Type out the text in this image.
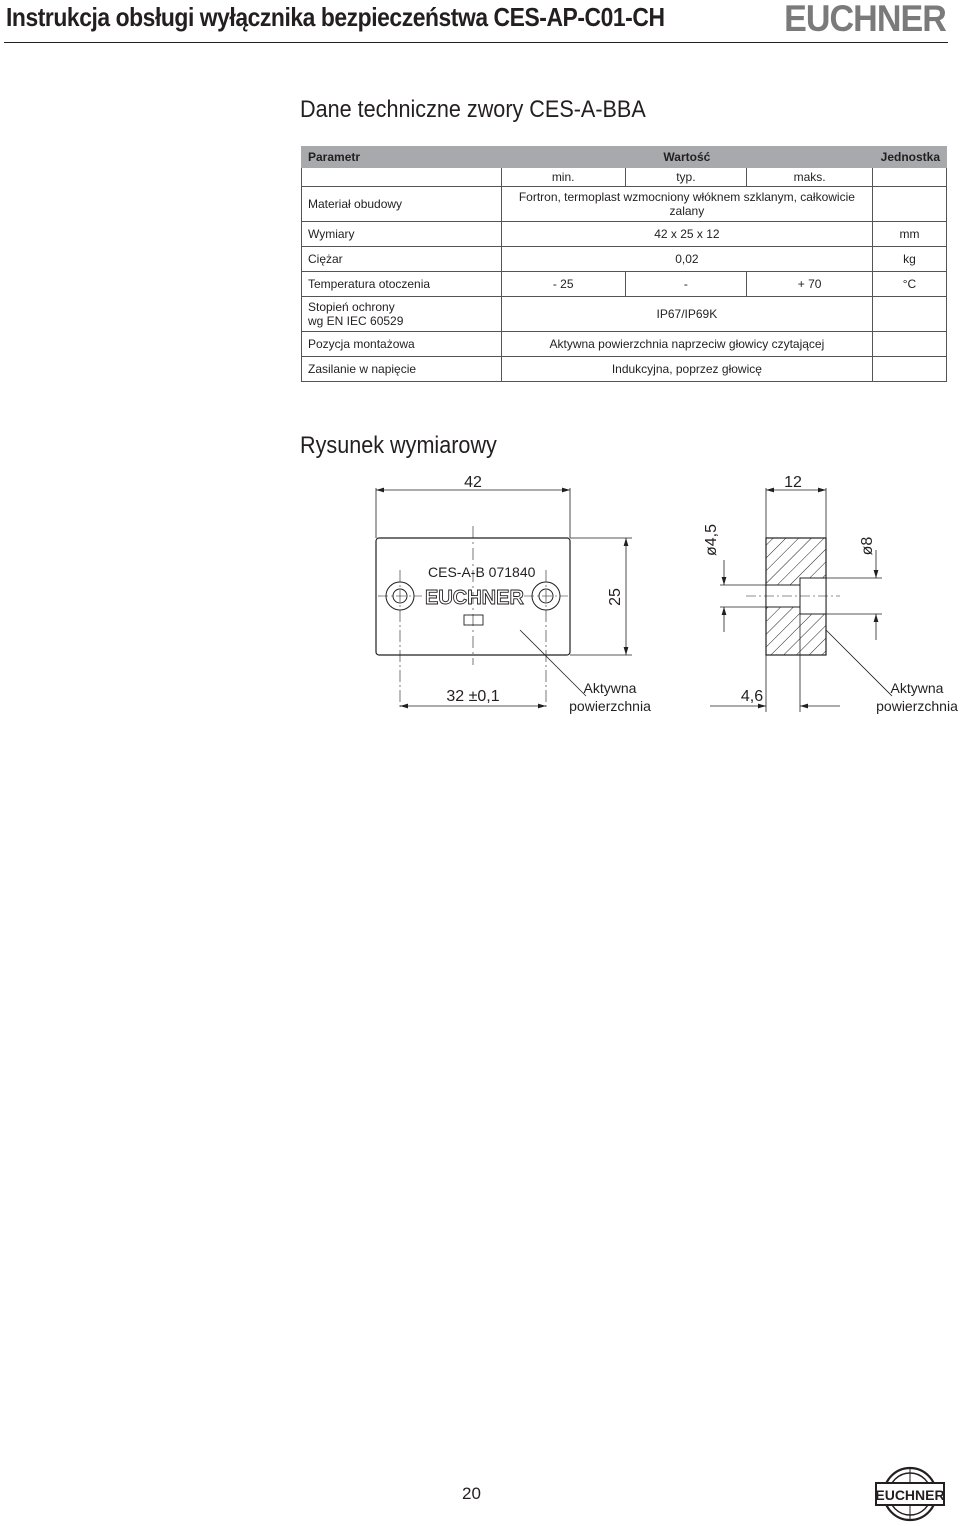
Instrukcja obsługi wyłącznika bezpieczeństwa CES-AP-C01-CH	EUCHNER
Dane techniczne zwory CES-A-BBA
Parametr	Wartość			Jednostka
	min.	typ.	maks.	
Materiał obudowy	Fortron, termoplast wzmocniony włóknem szklanym, całkowicie zalany			
Wymiary	42 x 25 x 12			mm
Ciężar	0,02			kg
Temperatura otoczenia	- 25	-	+ 70	°C
Stopień ochrony wg EN IEC 60529	IP67/IP69K			
Pozycja montażowa	Aktywna powierzchnia naprzeciw głowicy czytającej			
Zasilanie w napięcie	Indukcyjna, poprzez głowicę			
Rysunek wymiarowy
42
25
CES-A-B 071840
EUCHNER
32 ±0,1	Aktywna powierzchnia
12
ø4,5	ø8
4,6	Aktywna powierzchnia
20	EUCHNER
